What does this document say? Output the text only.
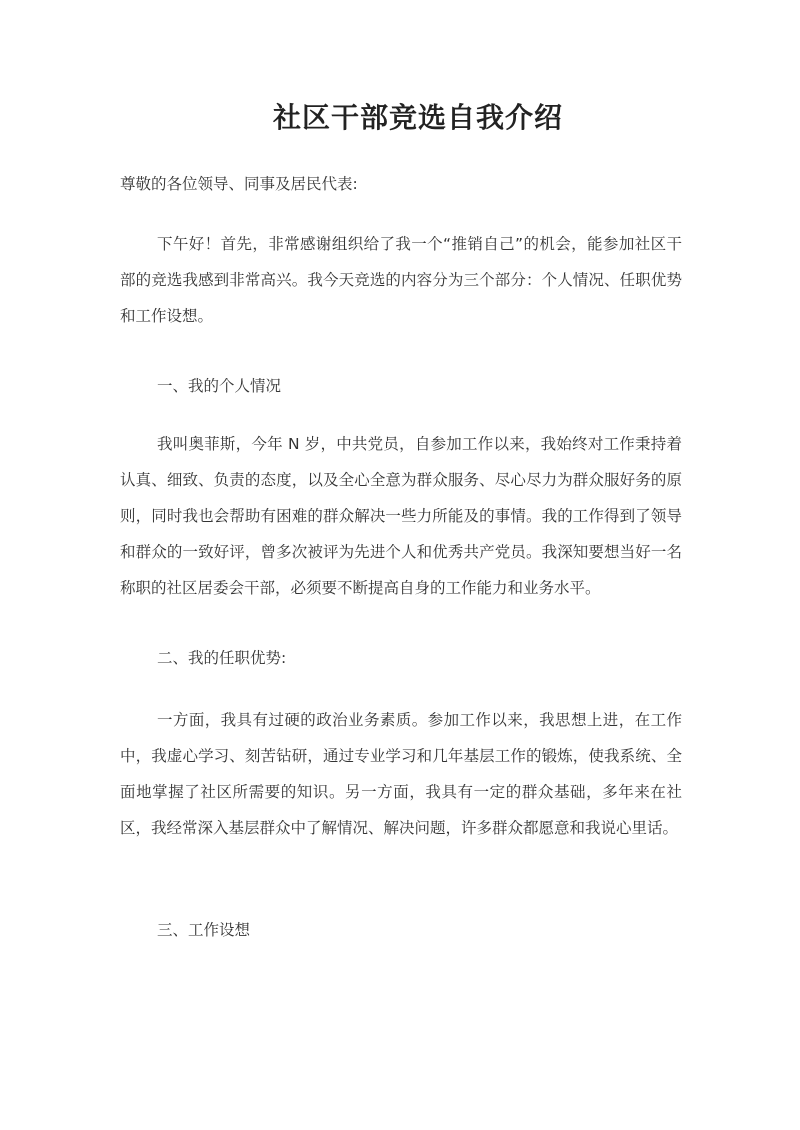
社区干部竞选自我介绍

尊敬的各位领导、同事及居民代表:

下午好！首先，非常感谢组织给了我一个“推销自己”的机会，能参加社区干部的竞选我感到非常高兴。我今天竞选的内容分为三个部分：个人情况、任职优势和工作设想。

一、我的个人情况

我叫奥菲斯，今年 N 岁，中共党员，自参加工作以来，我始终对工作秉持着认真、细致、负责的态度，以及全心全意为群众服务、尽心尽力为群众服好务的原则，同时我也会帮助有困难的群众解决一些力所能及的事情。我的工作得到了领导和群众的一致好评，曾多次被评为先进个人和优秀共产党员。我深知要想当好一名称职的社区居委会干部，必须要不断提高自身的工作能力和业务水平。

二、我的任职优势:

一方面，我具有过硬的政治业务素质。参加工作以来，我思想上进，在工作中，我虚心学习、刻苦钻研，通过专业学习和几年基层工作的锻炼，使我系统、全面地掌握了社区所需要的知识。另一方面，我具有一定的群众基础，多年来在社区，我经常深入基层群众中了解情况、解决问题，许多群众都愿意和我说心里话。

三、工作设想
